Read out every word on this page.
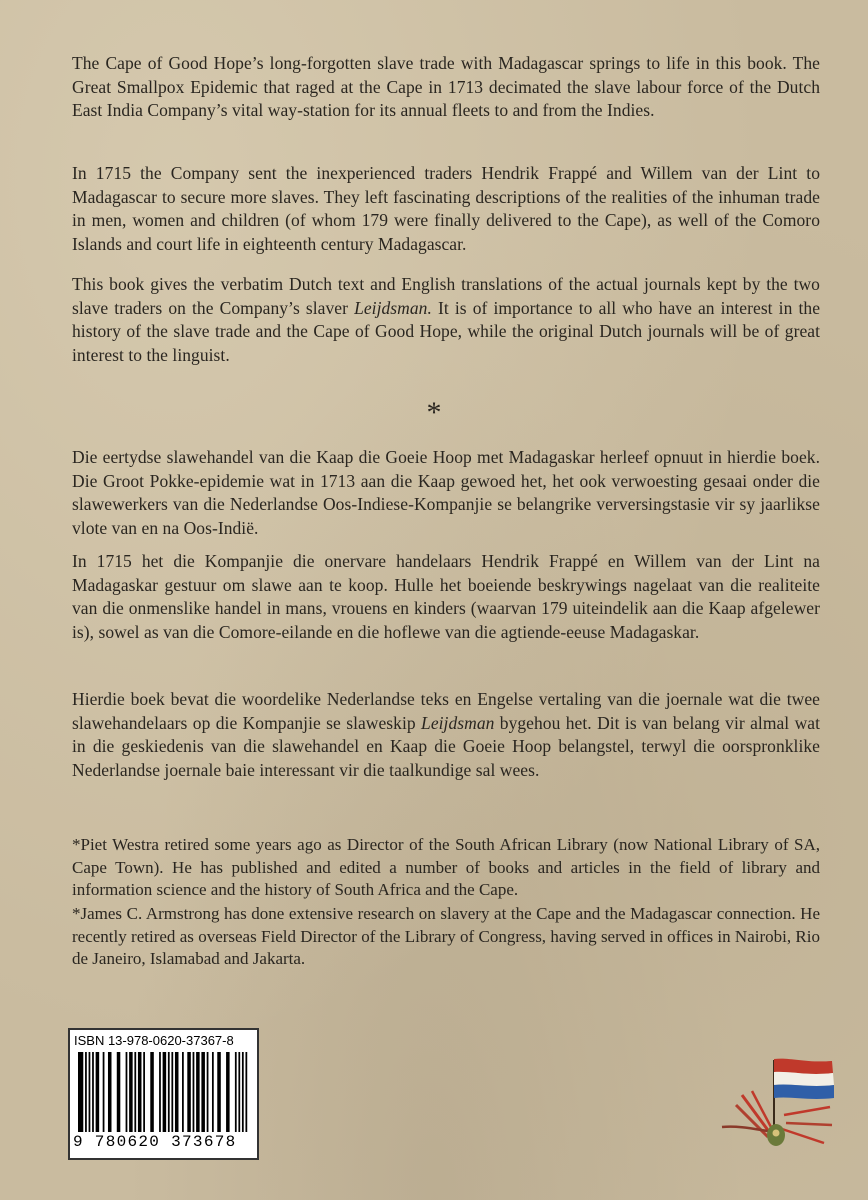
The Cape of Good Hope’s long-forgotten slave trade with Madagascar springs to life in this book. The Great Smallpox Epidemic that raged at the Cape in 1713 decimated the slave labour force of the Dutch East India Company’s vital way-station for its annual fleets to and from the Indies.

In 1715 the Company sent the inexperienced traders Hendrik Frappé and Willem van der Lint to Madagascar to secure more slaves. They left fascinating descriptions of the realities of the inhuman trade in men, women and children (of whom 179 were finally delivered to the Cape), as well of the Comoro Islands and court life in eighteenth century Madagascar.

This book gives the verbatim Dutch text and English translations of the actual journals kept by the two slave traders on the Company’s slaver Leijdsman. It is of importance to all who have an interest in the history of the slave trade and the Cape of Good Hope, while the original Dutch journals will be of great interest to the linguist.

*

Die eertydse slawehandel van die Kaap die Goeie Hoop met Madagaskar herleef opnuut in hierdie boek. Die Groot Pokke-epidemie wat in 1713 aan die Kaap gewoed het, het ook verwoesting gesaai onder die slawewerkers van die Nederlandse Oos-Indiese-Kompanjie se belangrike verversingstasie vir sy jaarlikse vlote van en na Oos-Indië.

In 1715 het die Kompanjie die onervare handelaars Hendrik Frappé en Willem van der Lint na Madagaskar gestuur om slawe aan te koop. Hulle het boeiende beskrywings nagelaat van die realiteite van die onmenslike handel in mans, vrouens en kinders (waarvan 179 uiteindelik aan die Kaap afgelewer is), sowel as van die Comore-eilande en die hoflewe van die agtiende-eeuse Madagaskar.

Hierdie boek bevat die woordelike Nederlandse teks en Engelse vertaling van die joernale wat die twee slawehandelaars op die Kompanjie se slaweskip Leijdsman bygehou het. Dit is van belang vir almal wat in die geskiedenis van die slawehandel en Kaap die Goeie Hoop belangstel, terwyl die oorspronklike Nederlandse joernale baie interessant vir die taalkundige sal wees.

*Piet Westra retired some years ago as Director of the South African Library (now National Library of SA, Cape Town). He has published and edited a number of books and articles in the field of library and information science and the history of South Africa and the Cape.

*James C. Armstrong has done extensive research on slavery at the Cape and the Madagascar connection. He recently retired as overseas Field Director of the Library of Congress, having served in offices in Nairobi, Rio de Janeiro, Islamabad and Jakarta.

ISBN 13-978-0620-37367-8
9 780620 373678
